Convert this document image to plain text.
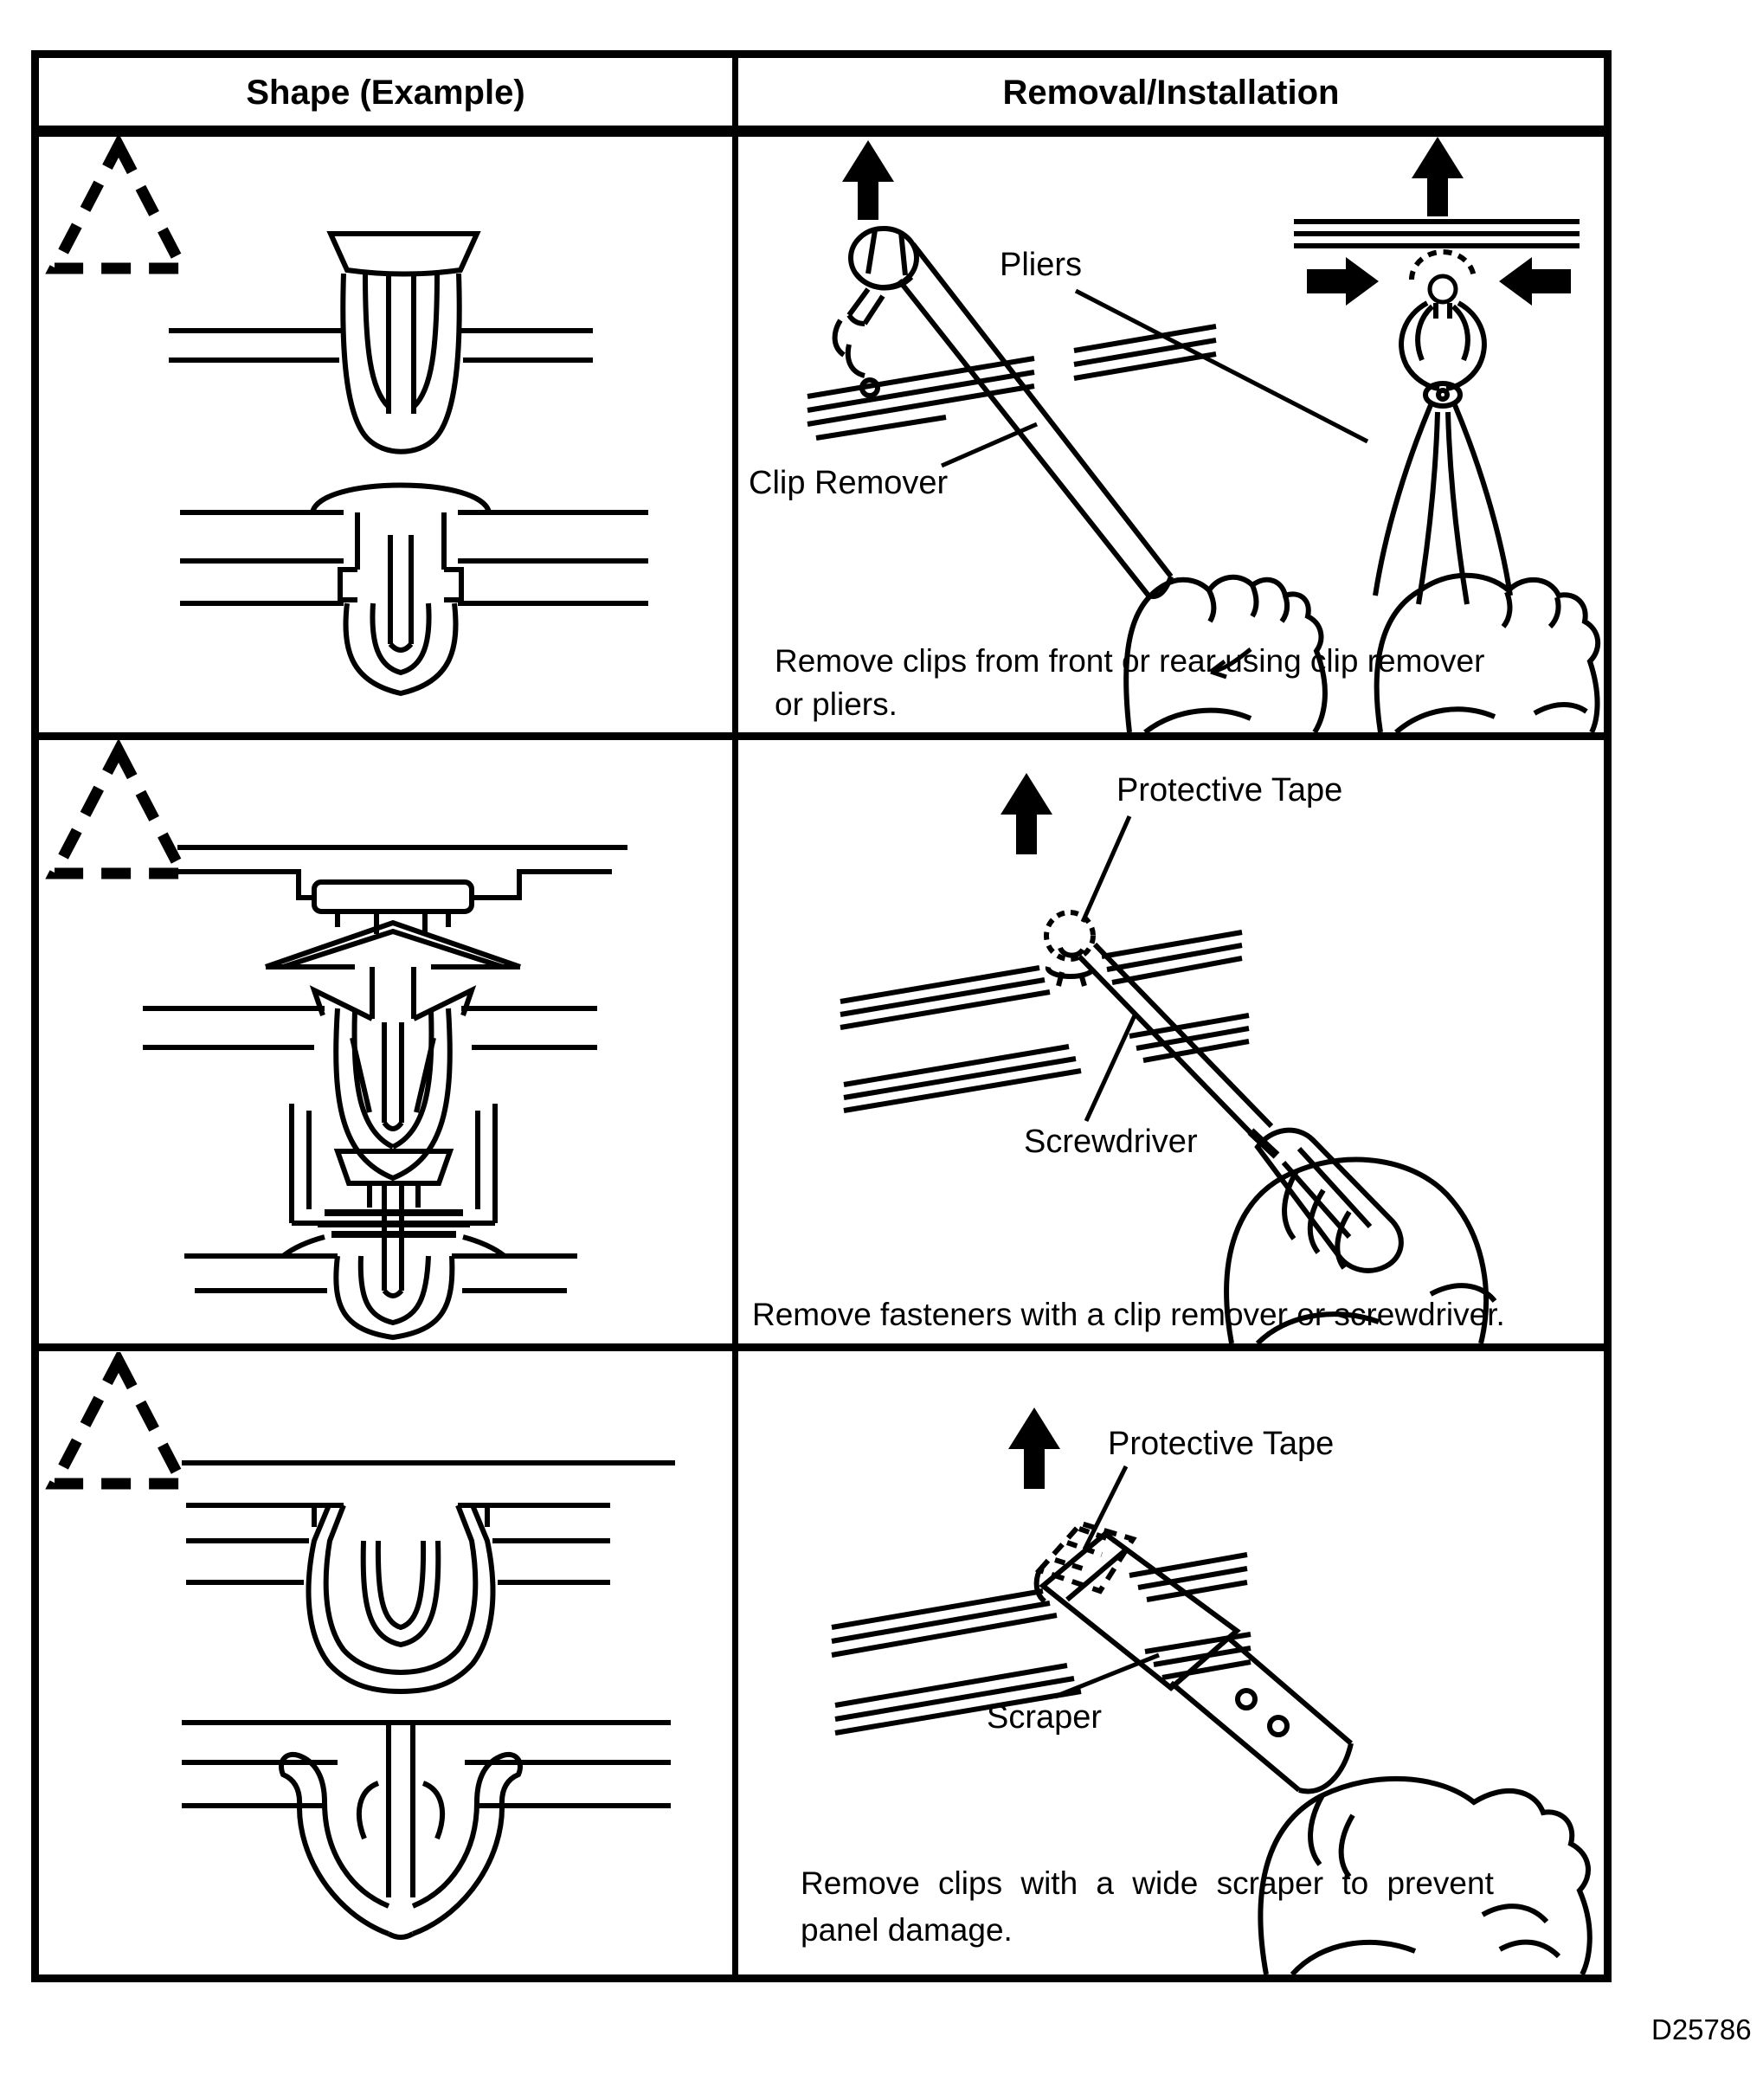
Shape (Example)	Removal/Installation
Pliers
Clip Remover
Remove clips from front or rear using clip remover
or pliers.
Protective Tape
Screwdriver
Remove fasteners with a clip remover or screwdriver.
Protective Tape
Scraper
Remove clips with a wide scraper to prevent
panel damage.
D25786
